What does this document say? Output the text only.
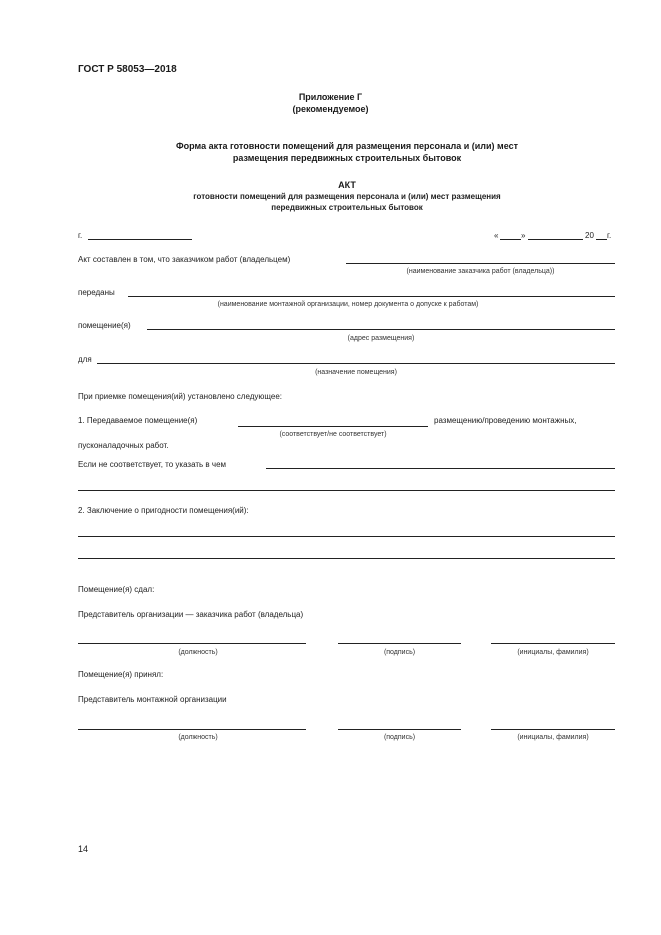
ГОСТ Р 58053—2018
Приложение Г
(рекомендуемое)
Форма акта готовности помещений для размещения персонала и (или) мест
размещения передвижных строительных бытовок
АКТ
готовности помещений для размещения персонала и (или) мест размещения
передвижных строительных бытовок
г.	«	»	20 г.
Акт составлен в том, что заказчиком работ (владельцем)
(наименование заказчика работ (владельца))
переданы
(наименование монтажной организации, номер документа о допуске к работам)
помещение(я)
(адрес размещения)
для
(назначение помещения)
При приемке помещения(ий) установлено следующее:
1. Передаваемое помещение(я)	размещению/проведению монтажных,
(соответствует/не соответствует)
пусконаладочных работ.
Если не соответствует, то указать в чем
2. Заключение о пригодности помещения(ий):
Помещение(я) сдал:
Представитель организации — заказчика работ (владельца)
(должность)	(подпись)	(инициалы, фамилия)
Помещение(я) принял:
Представитель монтажной организации
(должность)	(подпись)	(инициалы, фамилия)
14
